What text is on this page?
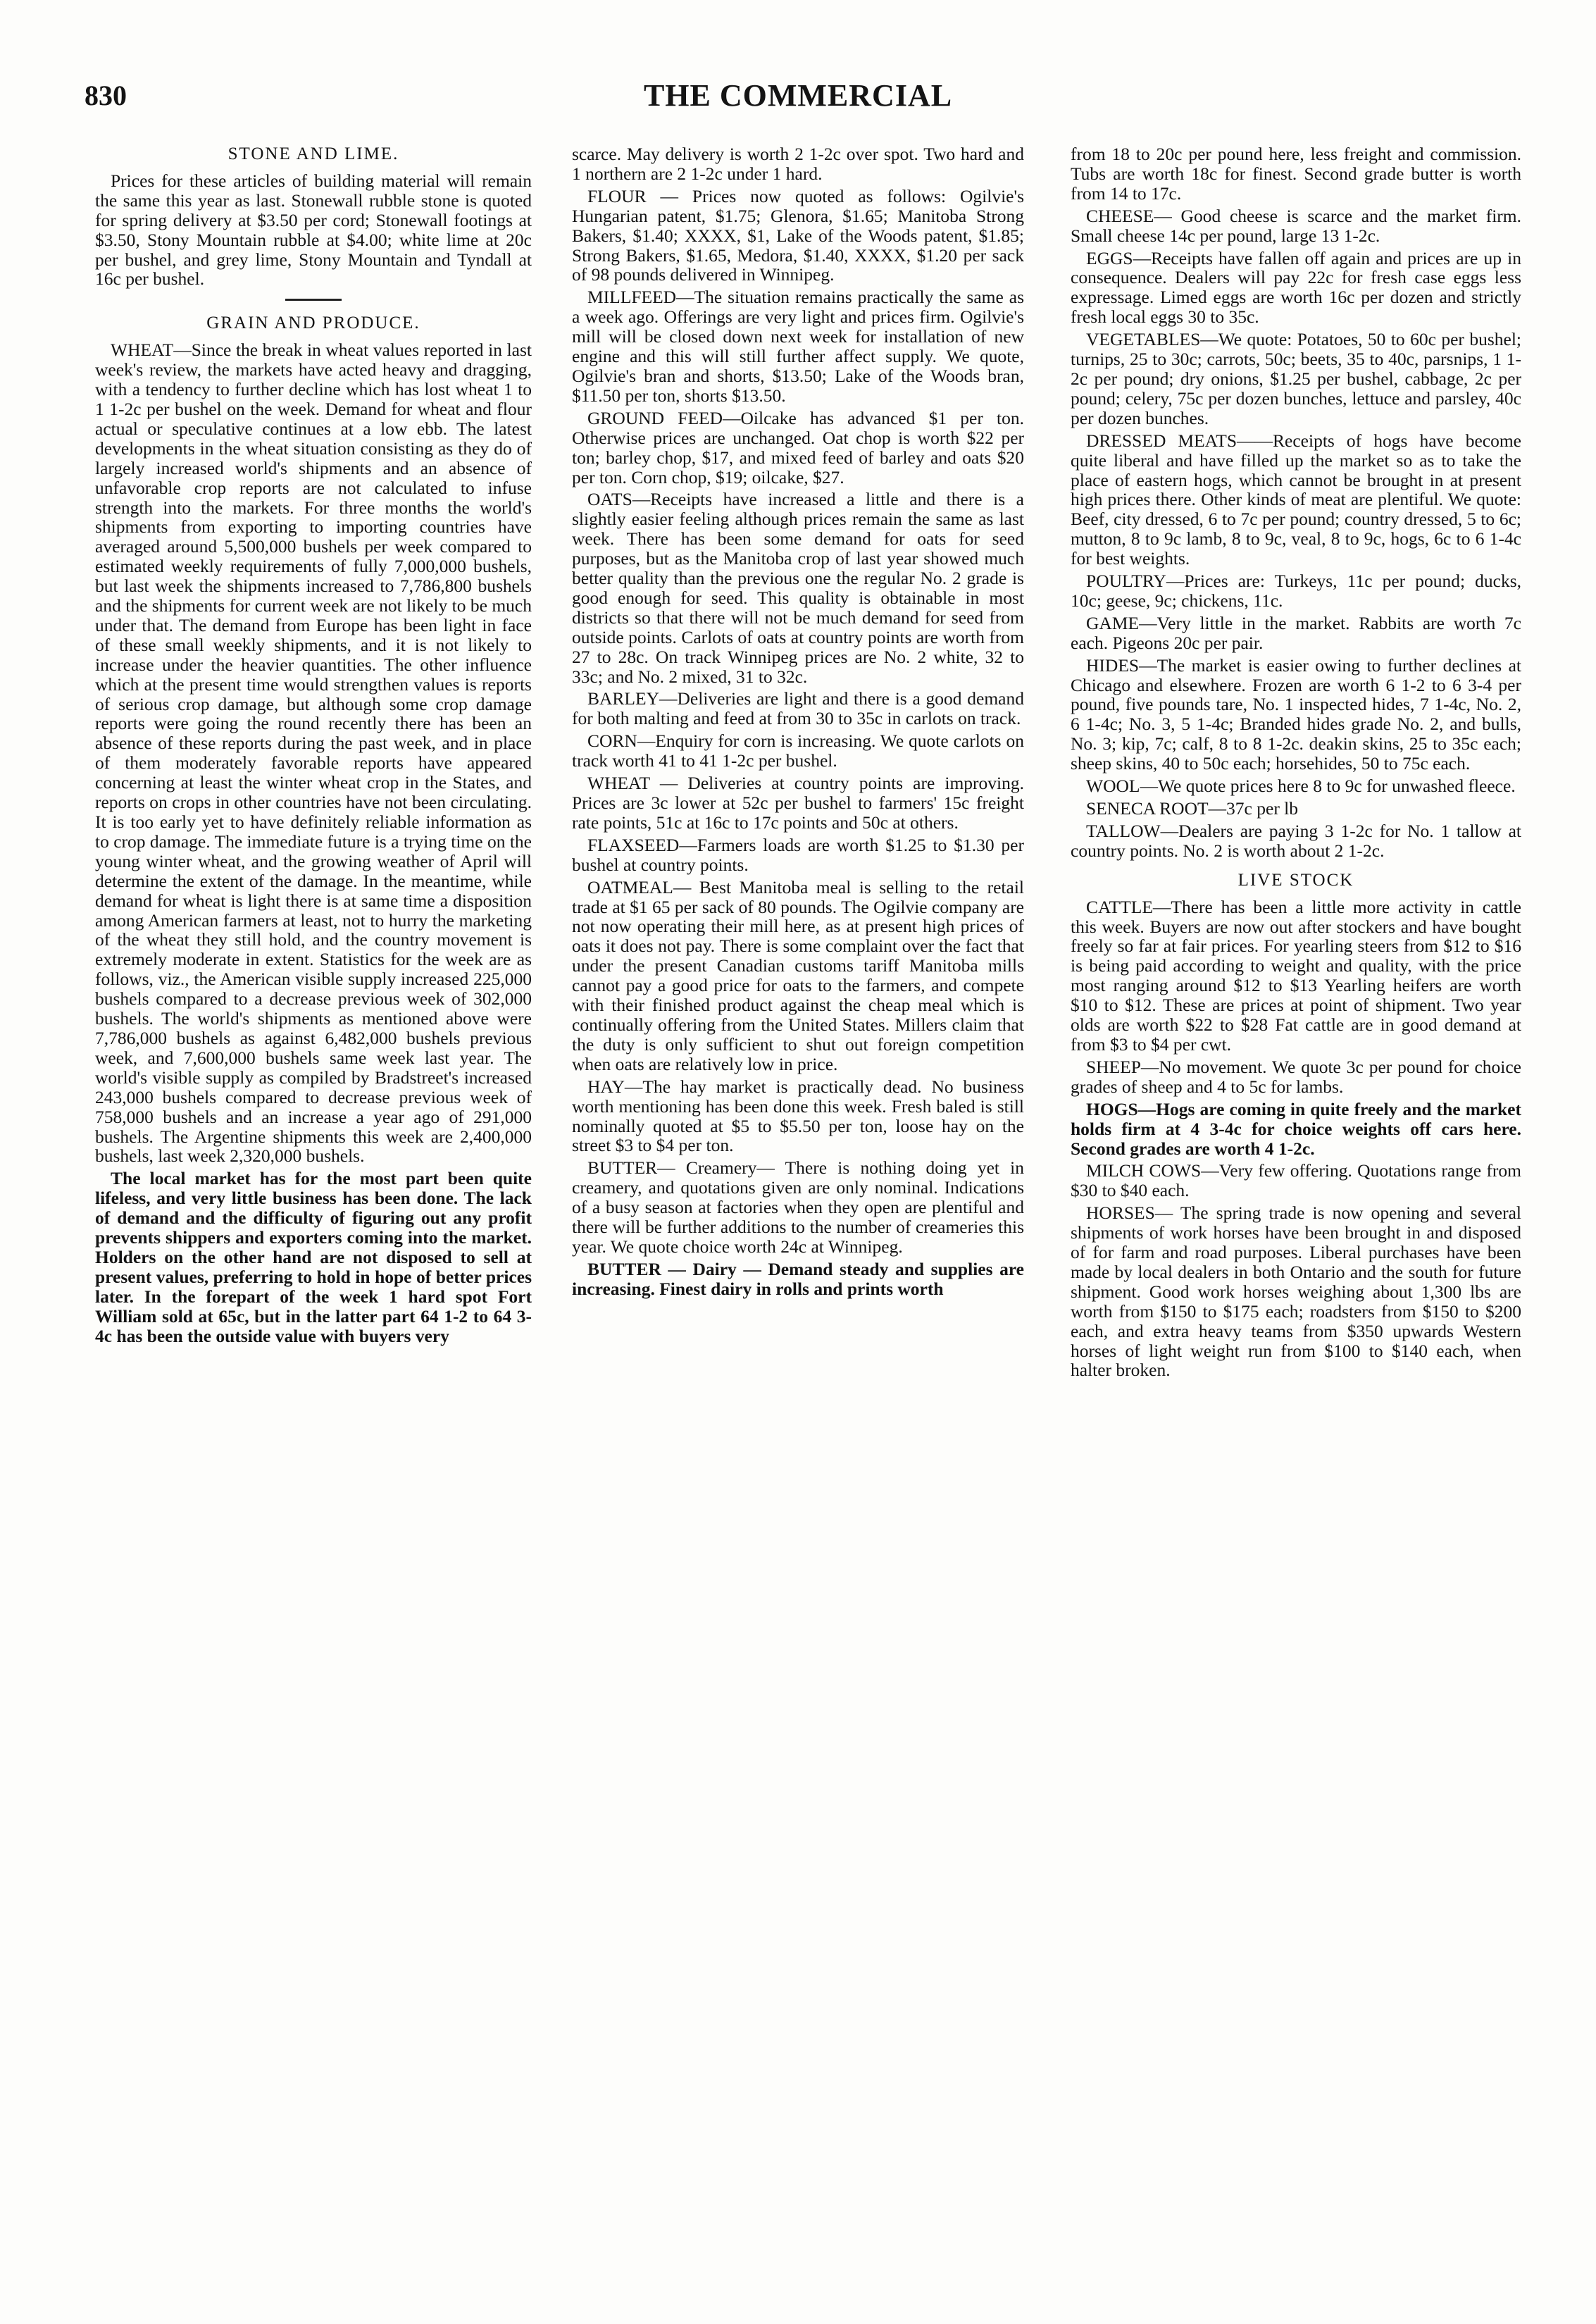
830	THE COMMERCIAL
STONE AND LIME.

Prices for these articles of building material will remain the same this year as last. Stonewall rubble stone is quoted for spring delivery at $3.50 per cord; Stonewall footings at $3.50, Stony Mountain rubble at $4.00; white lime at 20c per bushel, and grey lime, Stony Mountain and Tyndall at 16c per bushel.

GRAIN AND PRODUCE.

WHEAT—Since the break in wheat values reported in last week's review, the markets have acted heavy and dragging, with a tendency to further decline which has lost wheat 1 to 1 1-2c per bushel on the week. Demand for wheat and flour actual or speculative continues at a low ebb. The latest developments in the wheat situation consisting as they do of largely increased world's shipments and an absence of unfavorable crop reports are not calculated to infuse strength into the markets. For three months the world's shipments from exporting to importing countries have averaged around 5,500,000 bushels per week compared to estimated weekly requirements of fully 7,000,000 bushels, but last week the shipments increased to 7,786,800 bushels and the shipments for current week are not likely to be much under that. The demand from Europe has been light in face of these small weekly shipments, and it is not likely to increase under the heavier quantities. The other influence which at the present time would strengthen values is reports of serious crop damage, but although some crop damage reports were going the round recently there has been an absence of these reports during the past week, and in place of them moderately favorable reports have appeared concerning at least the winter wheat crop in the States, and reports on crops in other countries have not been circulating. It is too early yet to have definitely reliable information as to crop damage. The immediate future is a trying time on the young winter wheat, and the growing weather of April will determine the extent of the damage. In the meantime, while demand for wheat is light there is at same time a disposition among American farmers at least, not to hurry the marketing of the wheat they still hold, and the country movement is extremely moderate in extent. Statistics for the week are as follows, viz., the American visible supply increased 225,000 bushels compared to a decrease previous week of 302,000 bushels. The world's shipments as mentioned above were 7,786,000 bushels as against 6,482,000 bushels previous week, and 7,600,000 bushels same week last year. The world's visible supply as compiled by Bradstreet's increased 243,000 bushels compared to decrease previous week of 758,000 bushels and an increase a year ago of 291,000 bushels. The Argentine shipments this week are 2,400,000 bushels, last week 2,320,000 bushels.

The local market has for the most part been quite lifeless, and very little business has been done. The lack of demand and the difficulty of figuring out any profit prevents shippers and exporters coming into the market. Holders on the other hand are not disposed to sell at present values, preferring to hold in hope of better prices later. In the forepart of the week 1 hard spot Fort William sold at 65c, but in the latter part 64 1-2 to 64 3-4c has been the outside value with buyers very

scarce. May delivery is worth 2 1-2c over spot. Two hard and 1 northern are 2 1-2c under 1 hard.

FLOUR — Prices now quoted as follows: Ogilvie's Hungarian patent, $1.75; Glenora, $1.65; Manitoba Strong Bakers, $1.40; XXXX, $1, Lake of the Woods patent, $1.85; Strong Bakers, $1.65, Medora, $1.40, XXXX, $1.20 per sack of 98 pounds delivered in Winnipeg.

MILLFEED—The situation remains practically the same as a week ago. Offerings are very light and prices firm. Ogilvie's mill will be closed down next week for installation of new engine and this will still further affect supply. We quote, Ogilvie's bran and shorts, $13.50; Lake of the Woods bran, $11.50 per ton, shorts $13.50.

GROUND FEED—Oilcake has advanced $1 per ton. Otherwise prices are unchanged. Oat chop is worth $22 per ton; barley chop, $17, and mixed feed of barley and oats $20 per ton. Corn chop, $19; oilcake, $27.

OATS—Receipts have increased a little and there is a slightly easier feeling although prices remain the same as last week. There has been some demand for oats for seed purposes, but as the Manitoba crop of last year showed much better quality than the previous one the regular No. 2 grade is good enough for seed. This quality is obtainable in most districts so that there will not be much demand for seed from outside points. Carlots of oats at country points are worth from 27 to 28c. On track Winnipeg prices are No. 2 white, 32 to 33c; and No. 2 mixed, 31 to 32c.

BARLEY—Deliveries are light and there is a good demand for both malting and feed at from 30 to 35c in carlots on track.

CORN—Enquiry for corn is increasing. We quote carlots on track worth 41 to 41 1-2c per bushel.

WHEAT — Deliveries at country points are improving. Prices are 3c lower at 52c per bushel to farmers' 15c freight rate points, 51c at 16c to 17c points and 50c at others.

FLAXSEED—Farmers loads are worth $1.25 to $1.30 per bushel at country points.

OATMEAL— Best Manitoba meal is selling to the retail trade at $1 65 per sack of 80 pounds. The Ogilvie company are not now operating their mill here, as at present high prices of oats it does not pay. There is some complaint over the fact that under the present Canadian customs tariff Manitoba mills cannot pay a good price for oats to the farmers, and compete with their finished product against the cheap meal which is continually offering from the United States. Millers claim that the duty is only sufficient to shut out foreign competition when oats are relatively low in price.

HAY—The hay market is practically dead. No business worth mentioning has been done this week. Fresh baled is still nominally quoted at $5 to $5.50 per ton, loose hay on the street $3 to $4 per ton.

BUTTER— Creamery— There is nothing doing yet in creamery, and quotations given are only nominal. Indications of a busy season at factories when they open are plentiful and there will be further additions to the number of creameries this year. We quote choice worth 24c at Winnipeg.

BUTTER — Dairy — Demand steady and supplies are increasing. Finest dairy in rolls and prints worth

from 18 to 20c per pound here, less freight and commission. Tubs are worth 18c for finest. Second grade butter is worth from 14 to 17c.

CHEESE— Good cheese is scarce and the market firm. Small cheese 14c per pound, large 13 1-2c.

EGGS—Receipts have fallen off again and prices are up in consequence. Dealers will pay 22c for fresh case eggs less expressage. Limed eggs are worth 16c per dozen and strictly fresh local eggs 30 to 35c.

VEGETABLES—We quote: Potatoes, 50 to 60c per bushel; turnips, 25 to 30c; carrots, 50c; beets, 35 to 40c, parsnips, 1 1-2c per pound; dry onions, $1.25 per bushel, cabbage, 2c per pound; celery, 75c per dozen bunches, lettuce and parsley, 40c per dozen bunches.

DRESSED MEATS——Receipts of hogs have become quite liberal and have filled up the market so as to take the place of eastern hogs, which cannot be brought in at present high prices there. Other kinds of meat are plentiful. We quote: Beef, city dressed, 6 to 7c per pound; country dressed, 5 to 6c; mutton, 8 to 9c lamb, 8 to 9c, veal, 8 to 9c, hogs, 6c to 6 1-4c for best weights.

POULTRY—Prices are: Turkeys, 11c per pound; ducks, 10c; geese, 9c; chickens, 11c.

GAME—Very little in the market. Rabbits are worth 7c each. Pigeons 20c per pair.

HIDES—The market is easier owing to further declines at Chicago and elsewhere. Frozen are worth 6 1-2 to 6 3-4 per pound, five pounds tare, No. 1 inspected hides, 7 1-4c, No. 2, 6 1-4c; No. 3, 5 1-4c; Branded hides grade No. 2, and bulls, No. 3; kip, 7c; calf, 8 to 8 1-2c. deakin skins, 25 to 35c each; sheep skins, 40 to 50c each; horsehides, 50 to 75c each.

WOOL—We quote prices here 8 to 9c for unwashed fleece.

SENECA ROOT—37c per lb

TALLOW—Dealers are paying 3 1-2c for No. 1 tallow at country points. No. 2 is worth about 2 1-2c.

LIVE STOCK

CATTLE—There has been a little more activity in cattle this week. Buyers are now out after stockers and have bought freely so far at fair prices. For yearling steers from $12 to $16 is being paid according to weight and quality, with the price most ranging around $12 to $13 Yearling heifers are worth $10 to $12. These are prices at point of shipment. Two year olds are worth $22 to $28 Fat cattle are in good demand at from $3 to $4 per cwt.

SHEEP—No movement. We quote 3c per pound for choice grades of sheep and 4 to 5c for lambs.

HOGS—Hogs are coming in quite freely and the market holds firm at 4 3-4c for choice weights off cars here. Second grades are worth 4 1-2c.

MILCH COWS—Very few offering. Quotations range from $30 to $40 each.

HORSES— The spring trade is now opening and several shipments of work horses have been brought in and disposed of for farm and road purposes. Liberal purchases have been made by local dealers in both Ontario and the south for future shipment. Good work horses weighing about 1,300 lbs are worth from $150 to $175 each; roadsters from $150 to $200 each, and extra heavy teams from $350 upwards Western horses of light weight run from $100 to $140 each, when halter broken.
